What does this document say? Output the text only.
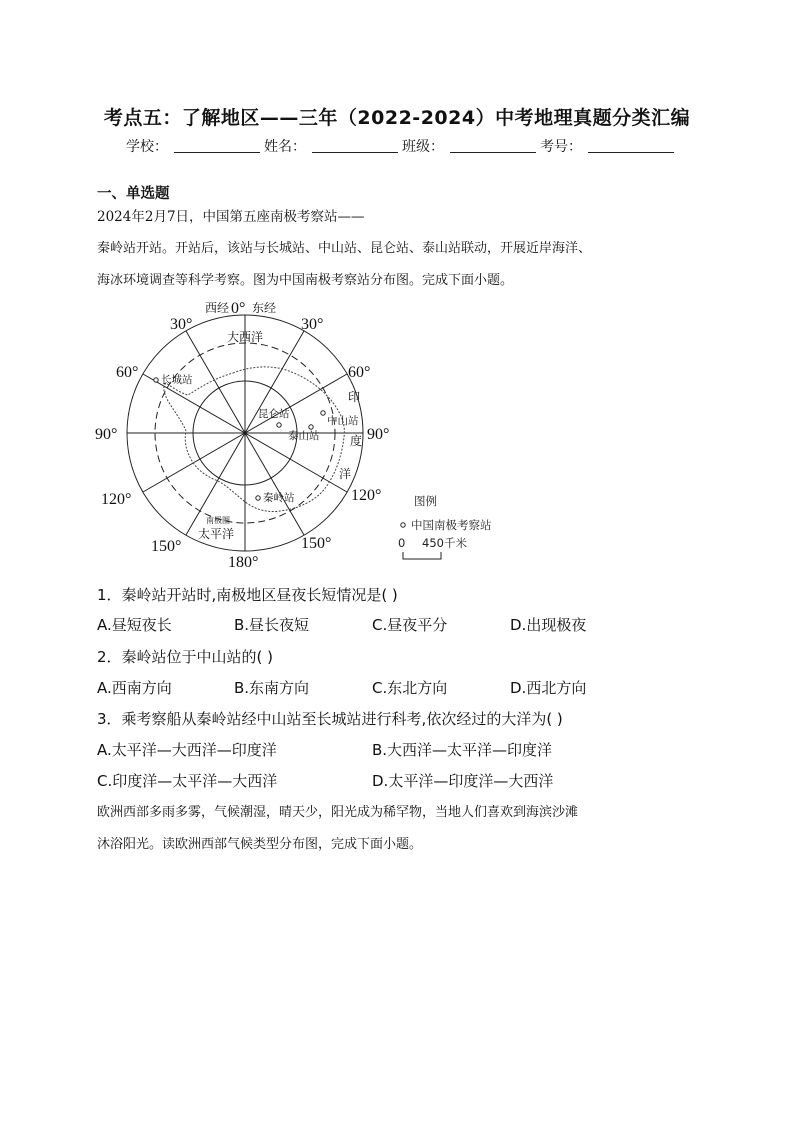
考点五：了解地区——三年（2022-2024）中考地理真题分类汇编
学校：	姓名：	班级：	考号：
一、单选题
2024年2月7日，中国第五座南极考察站——
秦岭站开站。开站后，该站与长城站、中山站、昆仑站、泰山站联动，开展近岸海洋、
海冰环境调查等科学考察。图为中国南极考察站分布图。完成下面小题。
0°
西经 东经
30°	30°
60°	60°
90°	90°
120°	120°
150°	150°
180°
大西洋
太平洋
印
度
洋
南极圈
长城站
昆仑站
中山站
泰山站
秦岭站	图例
中国南极考察站
0 450千米
1．秦岭站开站时,南极地区昼夜长短情况是( )
A.昼短夜长	B.昼长夜短	C.昼夜平分	D.出现极夜
2．秦岭站位于中山站的( )
A.西南方向	B.东南方向	C.东北方向	D.西北方向
3．乘考察船从秦岭站经中山站至长城站进行科考,依次经过的大洋为( )
A.太平洋—大西洋—印度洋	B.大西洋—太平洋—印度洋
C.印度洋—太平洋—大西洋	D.太平洋—印度洋—大西洋
欧洲西部多雨多雾，气候潮湿，晴天少，阳光成为稀罕物，当地人们喜欢到海滨沙滩
沐浴阳光。读欧洲西部气候类型分布图，完成下面小题。
